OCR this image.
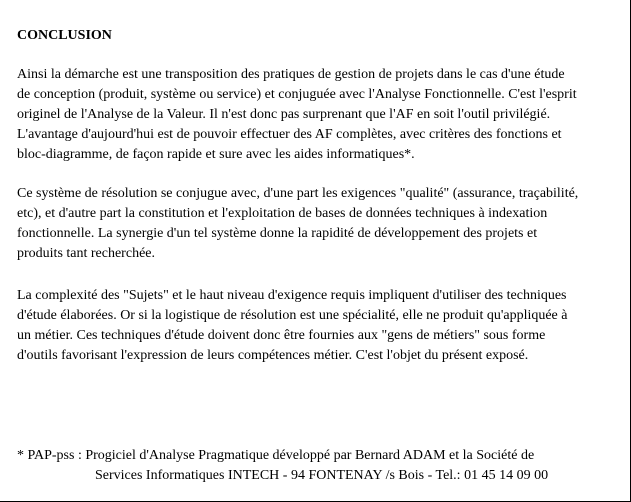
CONCLUSION
Ainsi la démarche est une transposition des pratiques de gestion de projets dans le cas d'une étude
de conception (produit, système ou service) et conjuguée avec l'Analyse Fonctionnelle. C'est l'esprit
originel de l'Analyse de la Valeur. Il n'est donc pas surprenant que l'AF en soit l'outil privilégié.
L'avantage d'aujourd'hui est de pouvoir effectuer des AF complètes, avec critères des fonctions et
bloc-diagramme, de façon rapide et sure avec les aides informatiques*.
Ce système de résolution se conjugue avec, d'une part les exigences "qualité" (assurance, traçabilité,
etc), et d'autre part la constitution et l'exploitation de bases de données techniques à indexation
fonctionnelle. La synergie d'un tel système donne la rapidité de développement des projets et
produits tant recherchée.
La complexité des "Sujets" et le haut niveau d'exigence requis impliquent d'utiliser des techniques
d'étude élaborées. Or si la logistique de résolution est une spécialité, elle ne produit qu'appliquée à
un métier. Ces techniques d'étude doivent donc être fournies aux "gens de métiers" sous forme
d'outils favorisant l'expression de leurs compétences métier. C'est l'objet du présent exposé.
* PAP-pss : Progiciel d'Analyse Pragmatique développé par Bernard ADAM et la Société de
Services Informatiques INTECH - 94 FONTENAY /s Bois - Tel.: 01 45 14 09 00
